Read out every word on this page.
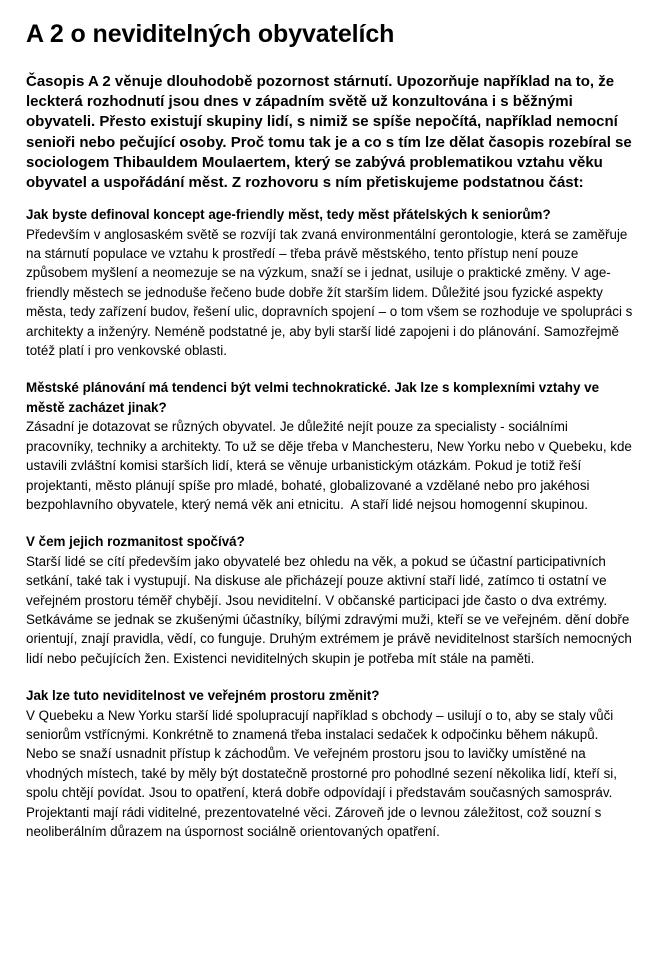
A 2 o neviditelných obyvatelích

Časopis A 2 věnuje dlouhodobě pozornost stárnutí. Upozorňuje například na to, že leckterá rozhodnutí jsou dnes v západním světě už konzultována i s běžnými obyvateli. Přesto existují skupiny lidí, s nimiž se spíše nepočítá, například nemocní senioři nebo pečující osoby. Proč tomu tak je a co s tím lze dělat časopis rozebíral se sociologem Thibauldem Moulaertem, který se zabývá problematikou vztahu věku obyvatel a uspořádání měst. Z rozhovoru s ním přetiskujeme podstatnou část:

Jak byste definoval koncept age-friendly měst, tedy měst přátelských k seniorům?

Především v anglosaském světě se rozvíjí tak zvaná environmentální gerontologie, která se zaměřuje na stárnutí populace ve vztahu k prostředí – třeba právě městského, tento přístup není pouze způsobem myšlení a neomezuje se na výzkum, snaží se i jednat, usiluje o praktické změny. V age-friendly městech se jednoduše řečeno bude dobře žít starším lidem. Důležité jsou fyzické aspekty města, tedy zařízení budov, řešení ulic, dopravních spojení – o tom všem se rozhoduje ve spolupráci s architekty a inženýry. Neméně podstatné je, aby byli starší lidé zapojeni i do plánování. Samozřejmě totéž platí i pro venkovské oblasti.

Městské plánování má tendenci být velmi technokratické. Jak lze s komplexními vztahy ve městě zacházet jinak?

Zásadní je dotazovat se různých obyvatel. Je důležité nejít pouze za specialisty - sociálními pracovníky, techniky a architekty. To už se děje třeba v Manchesteru, New Yorku nebo v Quebeku, kde ustavili zvláštní komisi starších lidí, která se věnuje urbanistickým otázkám. Pokud je totiž řeší projektanti, město plánují spíše pro mladé, bohaté, globalizované a vzdělané nebo pro jakéhosi bezpohlavního obyvatele, který nemá věk ani etnicitu.  A staří lidé nejsou homogenní skupinou.

V čem jejich rozmanitost spočívá?

Starší lidé se cítí především jako obyvatelé bez ohledu na věk, a pokud se účastní participativních setkání, také tak i vystupují. Na diskuse ale přicházejí pouze aktivní staří lidé, zatímco ti ostatní ve veřejném prostoru téměř chybějí. Jsou neviditelní. V občanské participaci jde často o dva extrémy. Setkáváme se jednak se zkušenými účastníky, bílými zdravými muži, kteří se ve veřejném. dění dobře orientují, znají pravidla, vědí, co funguje. Druhým extrémem je právě neviditelnost starších nemocných lidí nebo pečujících žen. Existenci neviditelných skupin je potřeba mít stále na paměti.

Jak lze tuto neviditelnost ve veřejném prostoru změnit?

V Quebeku a New Yorku starší lidé spolupracují například s obchody – usilují o to, aby se staly vůči seniorům vstřícnými. Konkrétně to znamená třeba instalaci sedaček k odpočinku během nákupů. Nebo se snaží usnadnit přístup k záchodům. Ve veřejném prostoru jsou to lavičky umístěné na vhodných místech, také by měly být dostatečně prostorné pro pohodlné sezení několika lidí, kteří si, spolu chtějí povídat. Jsou to opatření, která dobře odpovídají i představám současných samospráv. Projektanti mají rádi viditelné, prezentovatelné věci. Zároveň jde o levnou záležitost, což souzní s neoliberálním důrazem na úspornost sociálně orientovaných opatření.
